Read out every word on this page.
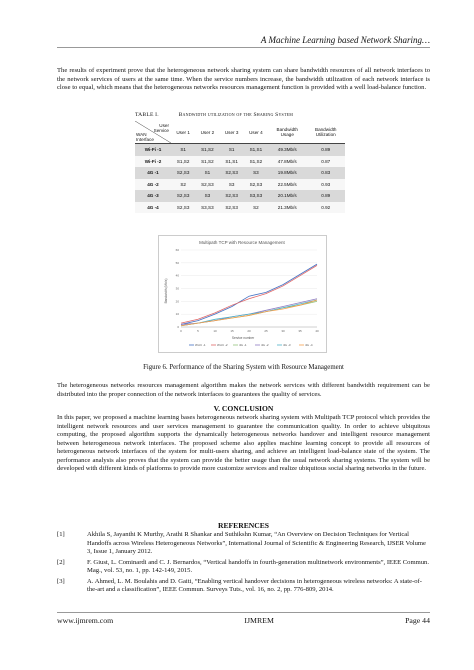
A Machine Learning based Network Sharing…
The results of experiment prove that the heterogeneous network sharing system can share bandwidth resources of all network interfaces to the network services of users at the same time. When the service numbers increase, the bandwidth utilization of each network interface is close to equal, which means that the heterogeneous networks resources management function is provided with a well load-balance function.
TABLE I.	Bandwidth utilization of the Sharing System
User
Service
WAN
Interface	User 1	User 2	User 3	User 4	Bandwidth
Usage	Bandwidth
Utilization
Wi-Fi -1	S1	S1,S2	S1	S1,S1	49.3Mb/s	0.89
Wi-Fi -2	S1,S2	S1,S2	S1,S1	S1,S2	47.8Mb/s	0.87
4G -1	S2,S3	S1	S2,S3	S3	19.8Mb/s	0.83
4G -2	S2	S2,S3	S3	S2,S3	22.5Mb/s	0.93
4G -3	S2,S3	S3	S2,S3	S3,S3	20.1Mb/s	0.89
4G -4	S2,S3	S3,S3	S2,S3	S2	21.3Mb/s	0.92
Multipath TCP with Resource Management
Service number
Bandwidth (Mb/s)
0
10
20
30
40
50
60
0	5	10	15	20	25	30	35	40
Wi-Fi -1	Wi-Fi -2	4G -1	4G -2	4G -3	4G -4
Figure 6. Performance of the Sharing System with Resource Management
The heterogeneous networks resources management algorithm makes the network services with different bandwidth requirement can be distributed into the proper connection of the network interfaces to guarantees the quality of services.
V. CONCLUSION
In this paper, we proposed a machine learning bases heterogeneous network sharing system with Multipath TCP protocol which provides the intelligent network resources and user services management to guarantee the communication quality. In order to achieve ubiquitous computing, the proposed algorithm supports the dynamically heterogeneous networks handover and intelligent resource management between heterogeneous network interfaces. The proposed scheme also applies machine learning concept to provide all resources of heterogeneous network interfaces of the system for multi-users sharing, and achieve an intelligent load-balance state of the system. The performance analysis also proves that the system can provide the better usage than the usual network sharing systems. The system will be developed with different kinds of platforms to provide more customize services and realize ubiquitous social sharing networks in the future.
REFERENCES
[1]	Akhila S, Jayanthi K Murthy, Arathi R Shankar and Suthikshn Kumar, “An Overview on Decision Techniques for Vertical Handoffs across Wireless Heterogeneous Networks”, International Journal of Scientific & Engineering Research, IJSER Volume 3, Issue 1, January 2012.
[2]	F. Giust, L. Cominardi and C. J. Bernardos, “Vertical handoffs in fourth-generation multinetwork environments”, IEEE Commun. Mag., vol. 53, no. 1, pp. 142-149, 2015.
[3]	A. Ahmed, L. M. Boulahis and D. Gaiti, “Enabling vertical handover decisions in heterogeneous wireless networks: A state-of-the-art and a classification”, IEEE Commun. Surveys Tuts., vol. 16, no. 2, pp. 776-809, 2014.
www.ijmrem.com	IJMREM	Page 44
